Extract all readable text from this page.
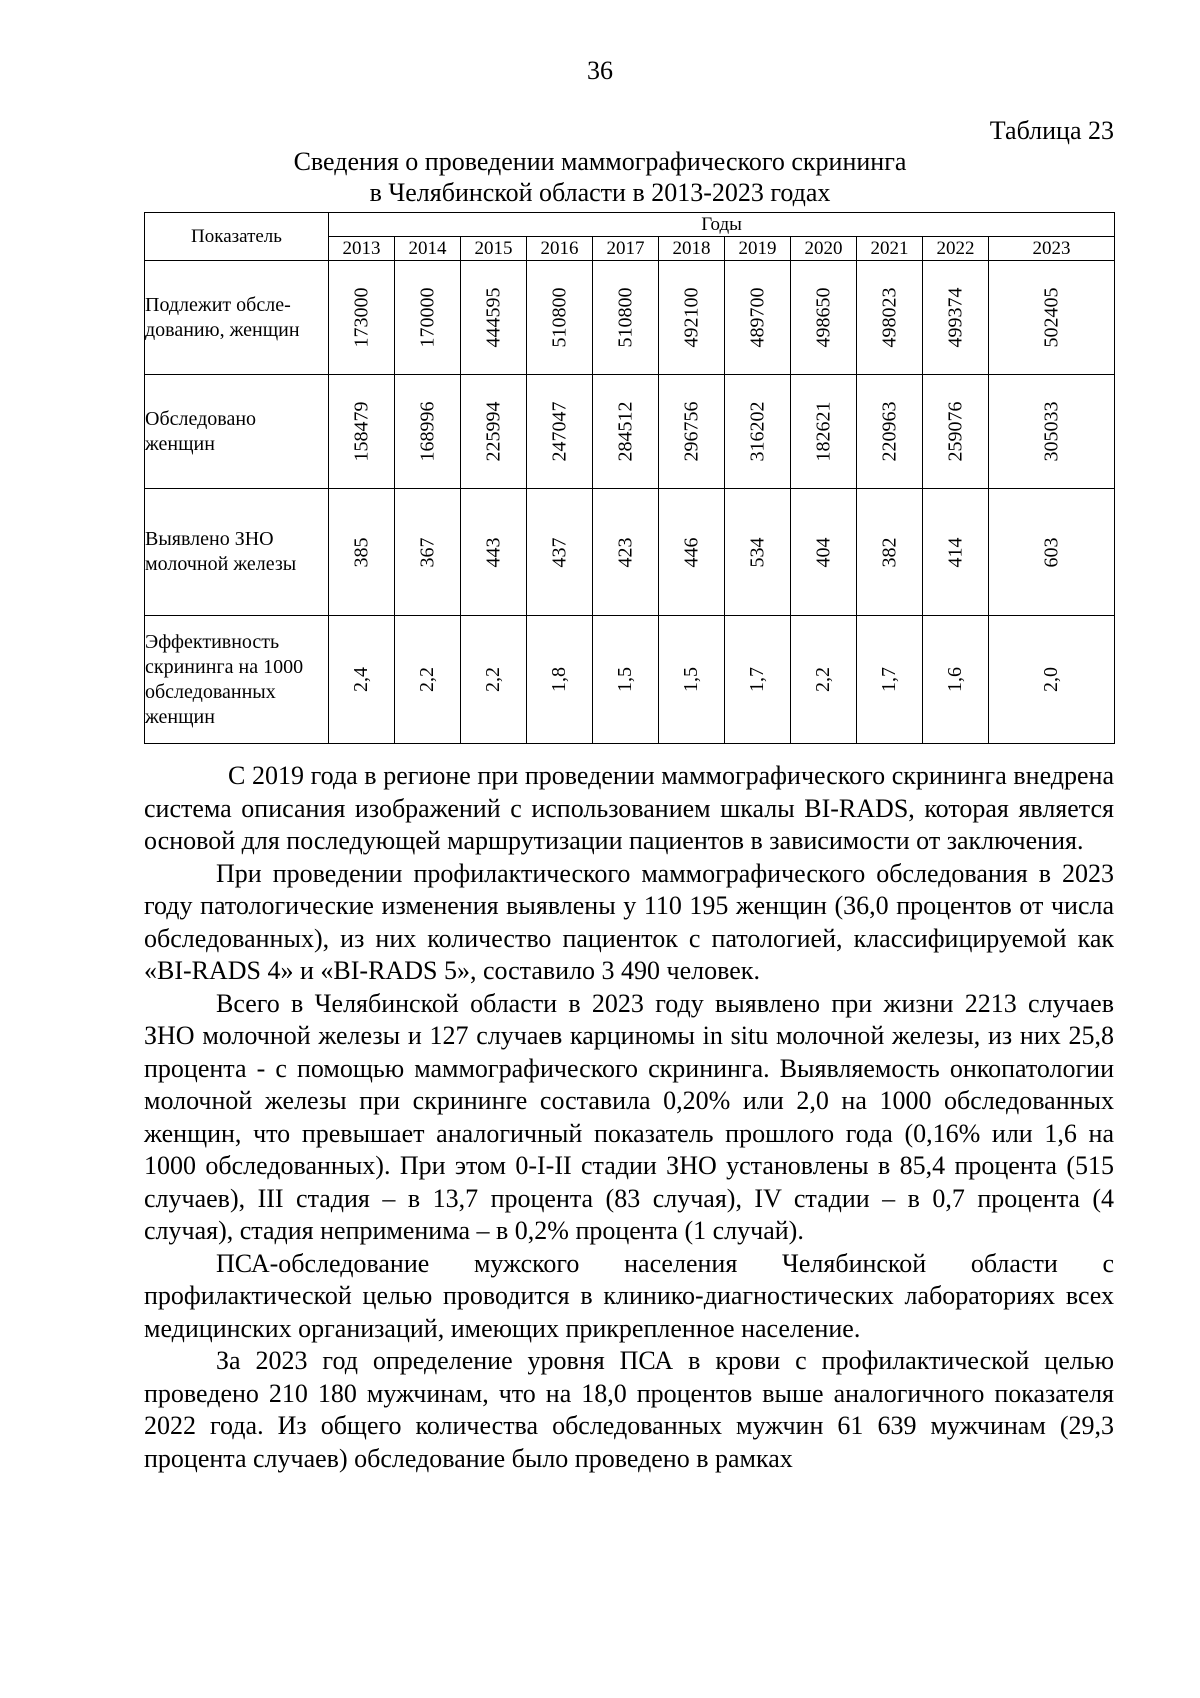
36
Таблица 23
Сведения о проведении маммографического скрининга
в Челябинской области в 2013-2023 годах
Показатель	Годы										
	2013	2014	2015	2016	2017	2018	2019	2020	2021	2022	2023
Подлежит обсле-дованию, женщин	173000	170000	444595	510800	510800	492100	489700	498650	498023	499374	502405
Обследовано женщин	158479	168996	225994	247047	284512	296756	316202	182621	220963	259076	305033
Выявлено ЗНО молочной железы	385	367	443	437	423	446	534	404	382	414	603
Эффективность скрининга на 1000 обследованных женщин	2,4	2,2	2,2	1,8	1,5	1,5	1,7	2,2	1,7	1,6	2,0

С 2019 года в регионе при проведении маммографического скрининга внедрена система описания изображений с использованием шкалы BI-RADS, которая является основой для последующей маршрутизации пациентов в зависимости от заключения.

При проведении профилактического маммографического обследования в 2023 году патологические изменения выявлены у 110 195 женщин (36,0 процентов от числа обследованных), из них количество пациенток с патологией, классифицируемой как «BI-RADS 4» и «BI-RADS 5», составило 3 490 человек.

Всего в Челябинской области в 2023 году выявлено при жизни 2213 случаев ЗНО молочной железы и 127 случаев карциномы in situ молочной железы, из них 25,8 процента - с помощью маммографического скрининга. Выявляемость онкопатологии молочной железы при скрининге составила 0,20% или 2,0 на 1000 обследованных женщин, что превышает аналогичный показатель прошлого года (0,16% или 1,6 на 1000 обследованных). При этом 0-I-II стадии ЗНО установлены в 85,4 процента (515 случаев), III стадия – в 13,7 процента (83 случая), IV стадии – в 0,7 процента (4 случая), стадия неприменима – в 0,2% процента (1 случай).

ПСА-обследование мужского населения Челябинской области с профилактической целью проводится в клинико-диагностических лабораториях всех медицинских организаций, имеющих прикрепленное население.

За 2023 год определение уровня ПСА в крови с профилактической целью проведено 210 180 мужчинам, что на 18,0 процентов выше аналогичного показателя 2022 года. Из общего количества обследованных мужчин 61 639 мужчинам (29,3 процента случаев) обследование было проведено в рамках
